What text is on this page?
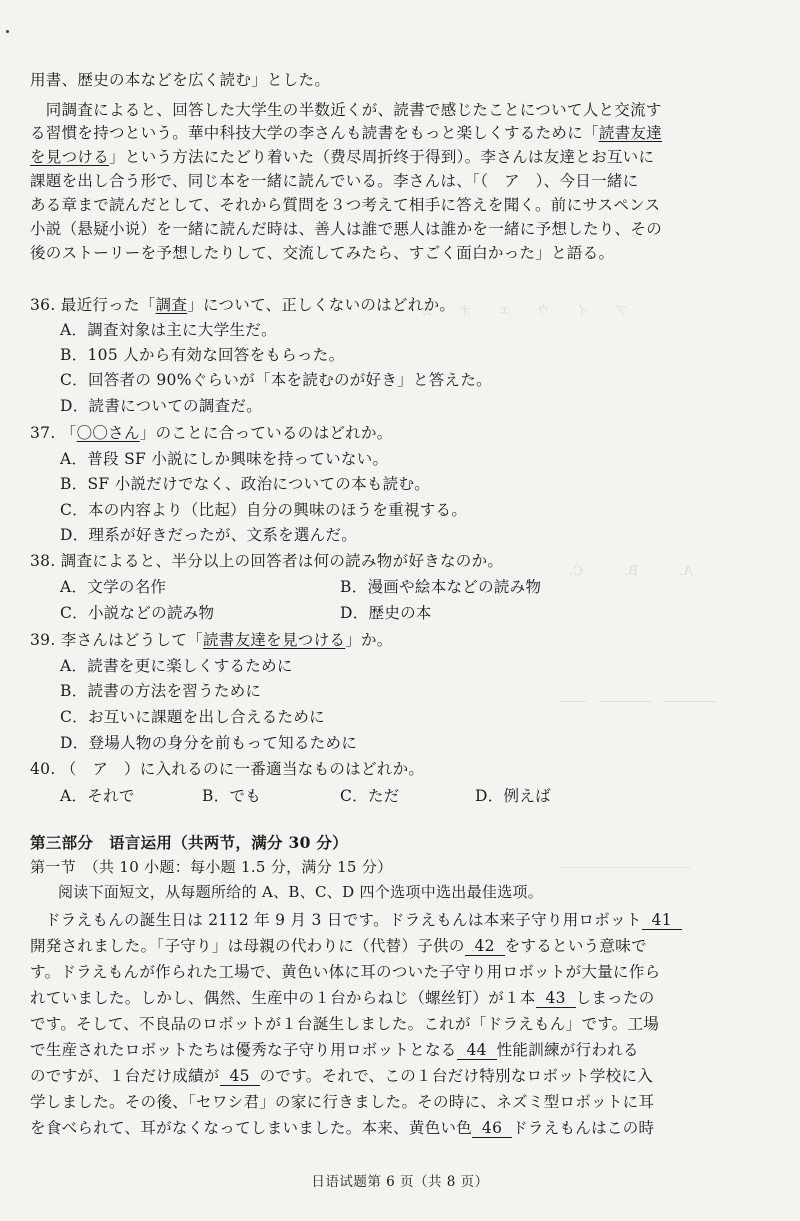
ア　　イ　　ウ　　エ　　オ　　カ
A．　　　B．　　　C．
――――　――――　――
――――――――――
用書、歴史の本などを広く読む」とした。
　同調査によると、回答した大学生の半数近くが、読書で感じたことについて人と交流す
る習慣を持つという。華中科技大学の李さんも読書をもっと楽しくするために「読書友達
を見つける」という方法にたどり着いた（费尽周折终于得到）。李さんは友達とお互いに
課題を出し合う形で、同じ本を一緒に読んでいる。李さんは、「（　ア　）、今日一緒に
ある章まで読んだとして、それから質問を３つ考えて相手に答えを聞く。前にサスペンス
小説（悬疑小说）を一緒に読んだ時は、善人は誰で悪人は誰かを一緒に予想したり、その
後のストーリーを予想したりして、交流してみたら、すごく面白かった」と語る。
36. 最近行った「調査」について、正しくないのはどれか。
A．調査対象は主に大学生だ。
B．105 人から有効な回答をもらった。
C．回答者の 90%ぐらいが「本を読むのが好き」と答えた。
D．読書についての調査だ。
37. 「〇〇さん」のことに合っているのはどれか。
A．普段 SF 小説にしか興味を持っていない。
B．SF 小説だけでなく、政治についての本も読む。
C．本の内容より（比起）自分の興味のほうを重視する。
D．理系が好きだったが、文系を選んだ。
38. 調査によると、半分以上の回答者は何の読み物が好きなのか。
A．文学の名作	B．漫画や絵本などの読み物
C．小説などの読み物	D．歴史の本
39. 李さんはどうして「読書友達を見つける」か。
A．読書を更に楽しくするために
B．読書の方法を習うために
C．お互いに課題を出し合えるために
D．登場人物の身分を前もって知るために
40. （　ア　）に入れるのに一番適当なものはどれか。
A．それで	B．でも	C．ただ	D．例えば
第三部分　语言运用（共两节，满分 30 分）
第一节　（共 10 小题：每小题 1.5 分，满分 15 分）
阅读下面短文，从每题所给的 A、B、C、D 四个选项中选出最佳选项。
ドラえもんの誕生日は 2112 年 9 月 3 日です。ドラえもんは本来子守り用ロボット 41
開発されました。「子守り」は母親の代わりに（代替）子供の 42 をするという意味で
す。ドラえもんが作られた工場で、黄色い体に耳のついた子守り用ロボットが大量に作ら
れていました。しかし、偶然、生産中の１台からねじ（螺丝钉）が１本 43 しまったの
です。そして、不良品のロボットが１台誕生しました。これが「ドラえもん」です。工場
で生産されたロボットたちは優秀な子守り用ロボットとなる 44 性能訓練が行われる
のですが、１台だけ成績が 45 のです。それで、この１台だけ特別なロボット学校に入
学しました。その後、「セワシ君」の家に行きました。その時に、ネズミ型ロボットに耳
を食べられて、耳がなくなってしまいました。本来、黄色い色 46 ドラえもんはこの時
日语试题第 6 页（共 8 页）
